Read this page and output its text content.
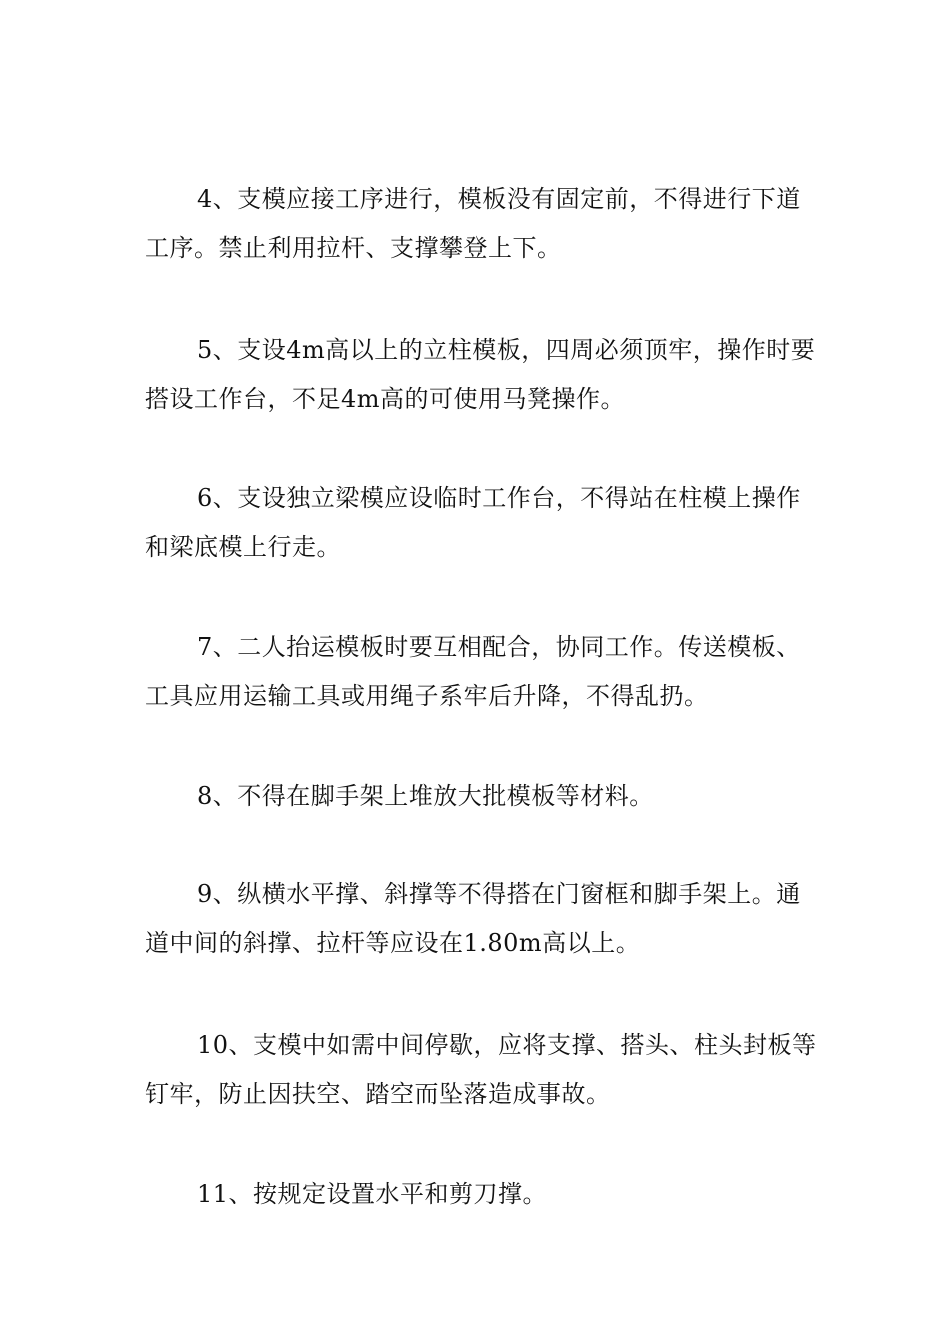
4、支模应接工序进行，模板没有固定前，不得进行下道工序。禁止利用拉杆、支撑攀登上下。

5、支设4m高以上的立柱模板，四周必须顶牢，操作时要搭设工作台，不足4m高的可使用马凳操作。

6、支设独立梁模应设临时工作台，不得站在柱模上操作和梁底模上行走。

7、二人抬运模板时要互相配合，协同工作。传送模板、工具应用运输工具或用绳子系牢后升降，不得乱扔。

8、不得在脚手架上堆放大批模板等材料。

9、纵横水平撑、斜撑等不得搭在门窗框和脚手架上。通道中间的斜撑、拉杆等应设在1.80m高以上。

10、支模中如需中间停歇，应将支撑、搭头、柱头封板等钉牢，防止因扶空、踏空而坠落造成事故。

11、按规定设置水平和剪刀撑。
